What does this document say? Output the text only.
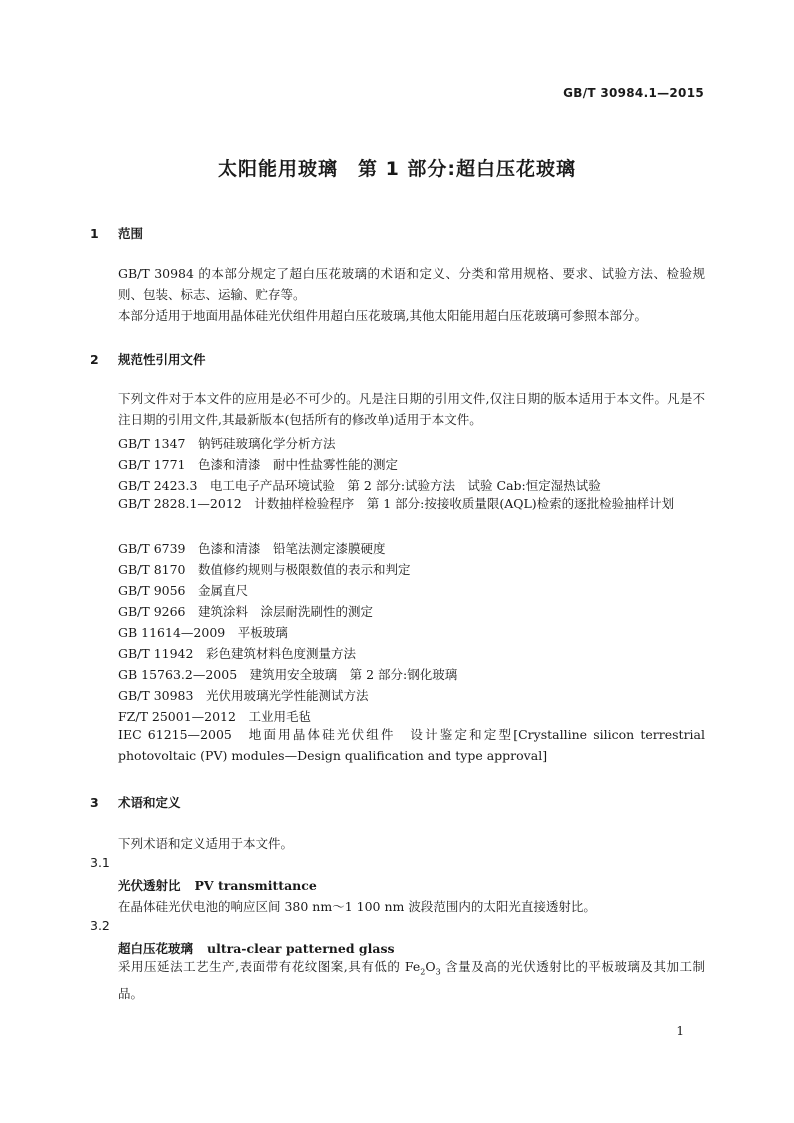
GB/T 30984.1—2015
太阳能用玻璃　第 1 部分:超白压花玻璃
1 范围
GB/T 30984 的本部分规定了超白压花玻璃的术语和定义、分类和常用规格、要求、试验方法、检验规则、包装、标志、运输、贮存等。
本部分适用于地面用晶体硅光伏组件用超白压花玻璃,其他太阳能用超白压花玻璃可参照本部分。
2 规范性引用文件
下列文件对于本文件的应用是必不可少的。凡是注日期的引用文件,仅注日期的版本适用于本文件。凡是不注日期的引用文件,其最新版本(包括所有的修改单)适用于本文件。
GB/T 1347　钠钙硅玻璃化学分析方法
GB/T 1771　色漆和清漆　耐中性盐雾性能的测定
GB/T 2423.3　电工电子产品环境试验　第 2 部分:试验方法　试验 Cab:恒定湿热试验
GB/T 2828.1—2012　计数抽样检验程序　第 1 部分:按接收质量限(AQL)检索的逐批检验抽样计划
GB/T 6739　色漆和清漆　铅笔法测定漆膜硬度
GB/T 8170　数值修约规则与极限数值的表示和判定
GB/T 9056　金属直尺
GB/T 9266　建筑涂料　涂层耐洗刷性的测定
GB 11614—2009　平板玻璃
GB/T 11942　彩色建筑材料色度测量方法
GB 15763.2—2005　建筑用安全玻璃　第 2 部分:钢化玻璃
GB/T 30983　光伏用玻璃光学性能测试方法
FZ/T 25001—2012　工业用毛毡
IEC 61215—2005　地面用晶体硅光伏组件　设计鉴定和定型[Crystalline silicon terrestrial photovoltaic (PV) modules—Design qualification and type approval]
3 术语和定义
下列术语和定义适用于本文件。
3.1
光伏透射比 PV transmittance
在晶体硅光伏电池的响应区间 380 nm～1 100 nm 波段范围内的太阳光直接透射比。
3.2
超白压花玻璃 ultra-clear patterned glass
采用压延法工艺生产,表面带有花纹图案,具有低的 $Fe_2O_3$ 含量及高的光伏透射比的平板玻璃及其加工制品。
1
